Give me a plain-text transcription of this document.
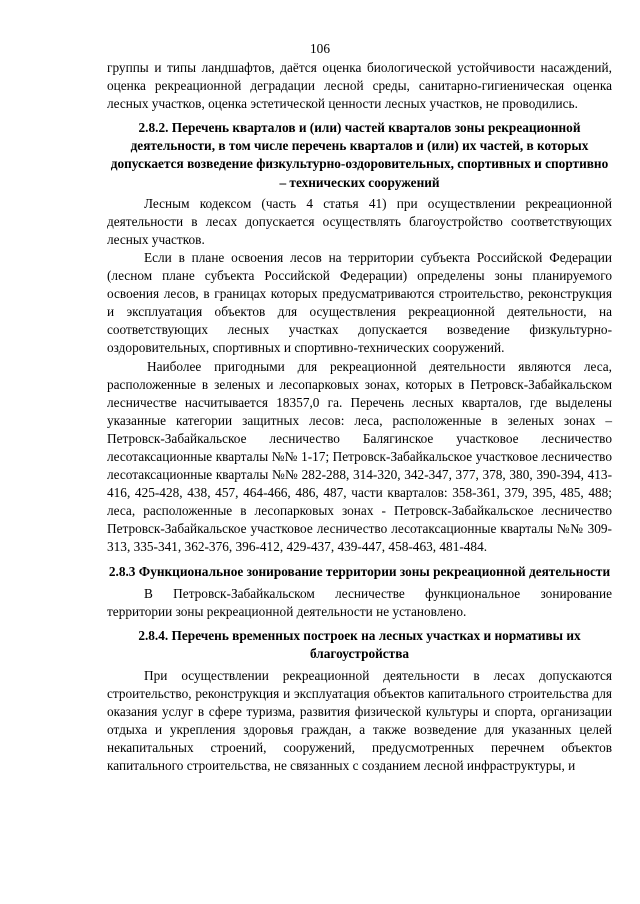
106

группы и типы ландшафтов, даётся оценка биологической устойчивости насаждений, оценка рекреационной деградации лесной среды, санитарно-гигиеническая оценка лесных участков, оценка эстетической ценности лесных участков, не проводились.

2.8.2. Перечень кварталов и (или) частей кварталов зоны рекреационной деятельности, в том числе перечень кварталов и (или) их частей, в которых допускается возведение физкультурно-оздоровительных, спортивных и спортивно – технических сооружений

Лесным кодексом (часть 4 статья 41) при осуществлении рекреационной деятельности в лесах допускается осуществлять благоустройство соответствующих лесных участков.

Если в плане освоения лесов на территории субъекта Российской Федерации (лесном плане субъекта Российской Федерации) определены зоны планируемого освоения лесов, в границах которых предусматриваются строительство, реконструкция и эксплуатация объектов для осуществления рекреационной деятельности, на соответствующих лесных участках допускается возведение физкультурно-оздоровительных, спортивных и спортивно-технических сооружений.

Наиболее пригодными для рекреационной деятельности являются леса, расположенные в зеленых и лесопарковых зонах, которых в Петровск-Забайкальском лесничестве насчитывается 18357,0 га. Перечень лесных кварталов, где выделены указанные категории защитных лесов: леса, расположенные в зеленых зонах – Петровск-Забайкальское лесничество Балягинское участковое лесничество лесотаксационные кварталы №№ 1-17; Петровск-Забайкальское участковое лесничество лесотаксационные кварталы №№ 282-288, 314-320, 342-347, 377, 378, 380, 390-394, 413-416, 425-428, 438, 457, 464-466, 486, 487, части кварталов: 358-361, 379, 395, 485, 488; леса, расположенные в лесопарковых зонах - Петровск-Забайкальское лесничество Петровск-Забайкальское участковое лесничество лесотаксационные кварталы №№ 309-313, 335-341, 362-376, 396-412, 429-437, 439-447, 458-463, 481-484.

2.8.3 Функциональное зонирование территории зоны рекреационной деятельности

В Петровск-Забайкальском лесничестве функциональное зонирование территории зоны рекреационной деятельности не установлено.

2.8.4. Перечень временных построек на лесных участках и нормативы их благоустройства

При осуществлении рекреационной деятельности в лесах допускаются строительство, реконструкция и эксплуатация объектов капитального строительства для оказания услуг в сфере туризма, развития физической культуры и спорта, организации отдыха и укрепления здоровья граждан, а также возведение для указанных целей некапитальных строений, сооружений, предусмотренных перечнем объектов капитального строительства, не связанных с созданием лесной инфраструктуры, и
